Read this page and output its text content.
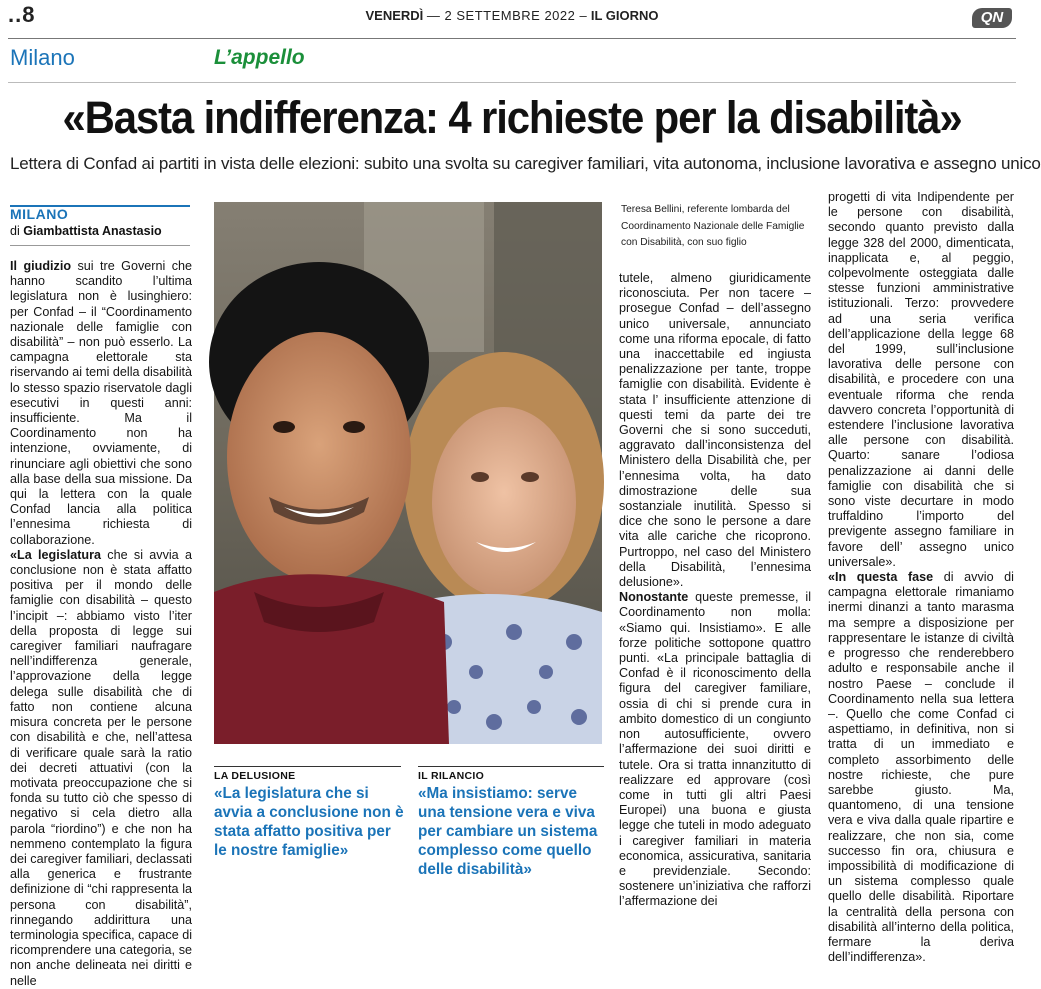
..8	VENERDÌ — 2 SETTEMBRE 2022 – IL GIORNO	QN
Milano	L’appello
«Basta indifferenza: 4 richieste per la disabilità»
Lettera di Confad ai partiti in vista delle elezioni: subito una svolta su caregiver familiari, vita autonoma, inclusione lavorativa e assegno unico
MILANO
di Giambattista Anastasio

Il giudizio sui tre Governi che hanno scandito l’ultima legislatura non è lusinghiero: per Confad – il “Coordinamento nazionale delle famiglie con disabilità” – non può esserlo. La campagna elettorale sta riservando ai temi della disabilità lo stesso spazio riservatole dagli esecutivi in questi anni: insufficiente. Ma il Coordinamento non ha intenzione, ovviamente, di rinunciare agli obiettivi che sono alla base della sua missione. Da qui la lettera con la quale Confad lancia alla politica l’ennesima richiesta di collaborazione.

«La legislatura che si avvia a conclusione non è stata affatto positiva per il mondo delle famiglie con disabilità – questo l’incipit –: abbiamo visto l’iter della proposta di legge sui caregiver familiari naufragare nell’indifferenza generale, l’approvazione della legge delega sulle disabilità che di fatto non contiene alcuna misura concreta per le persone con disabilità e che, nell’attesa di verificare quale sarà la ratio dei decreti attuativi (con la motivata preoccupazione che si fonda su tutto ciò che spesso di negativo si cela dietro alla parola “riordino”) e che non ha nemmeno contemplato la figura dei caregiver familiari, declassati alla generica e frustrante definizione di “chi rappresenta la persona con disabilità”, rinnegando addirittura una terminologia specifica, capace di ricomprendere una categoria, se non anche delineata nei diritti e nelle

LA DELUSIONE
«La legislatura che si avvia a conclusione non è stata affatto positiva per le nostre famiglie»
IL RILANCIO
«Ma insistiamo: serve una tensione vera e viva per cambiare un sistema complesso come quello delle disabilità»
Teresa Bellini, referente lombarda del Coordinamento Nazionale delle Famiglie con Disabilità, con suo figlio

tutele, almeno giuridicamente riconosciuta. Per non tacere – prosegue Confad – dell’assegno unico universale, annunciato come una riforma epocale, di fatto una inaccettabile ed ingiusta penalizzazione per tante, troppe famiglie con disabilità. Evidente è stata l’ insufficiente attenzione di questi temi da parte dei tre Governi che si sono succeduti, aggravato dall’inconsistenza del Ministero della Disabilità che, per l’ennesima volta, ha dato dimostrazione delle sua sostanziale inutilità. Spesso si dice che sono le persone a dare vita alle cariche che ricoprono. Purtroppo, nel caso del Ministero della Disabilità, l’ennesima delusione».

Nonostante queste premesse, il Coordinamento non molla: «Siamo qui. Insistiamo». E alle forze politiche sottopone quattro punti. «La principale battaglia di Confad è il riconoscimento della figura del caregiver familiare, ossia di chi si prende cura in ambito domestico di un congiunto non autosufficiente, ovvero l’affermazione dei suoi diritti e tutele. Ora si tratta innanzitutto di realizzare ed approvare (così come in tutti gli altri Paesi Europei) una buona e giusta legge che tuteli in modo adeguato i caregiver familiari in materia economica, assicurativa, sanitaria e previdenziale. Secondo: sostenere un’iniziativa che rafforzi l’affermazione dei

progetti di vita Indipendente per le persone con disabilità, secondo quanto previsto dalla legge 328 del 2000, dimenticata, inapplicata e, al peggio, colpevolmente osteggiata dalle stesse funzioni amministrative istituzionali. Terzo: provvedere ad una seria verifica dell’applicazione della legge 68 del 1999, sull’inclusione lavorativa delle persone con disabilità, e procedere con una eventuale riforma che renda davvero concreta l’opportunità di estendere l’inclusione lavorativa alle persone con disabilità. Quarto: sanare l’odiosa penalizzazione ai danni delle famiglie con disabilità che si sono viste decurtare in modo truffaldino l’importo del previgente assegno familiare in favore dell’ assegno unico universale».

«In questa fase di avvio di campagna elettorale rimaniamo inermi dinanzi a tanto marasma ma sempre a disposizione per rappresentare le istanze di civiltà e progresso che renderebbero adulto e responsabile anche il nostro Paese – conclude il Coordinamento nella sua lettera –. Quello che come Confad ci aspettiamo, in definitiva, non si tratta di un immediato e completo assorbimento delle nostre richieste, che pure sarebbe giusto. Ma, quantomeno, di una tensione vera e viva dalla quale ripartire e realizzare, che non sia, come successo fin ora, chiusura e impossibilità di modificazione di un sistema complesso quale quello delle disabilità. Riportare la centralità della persona con disabilità all’interno della politica, fermare la deriva dell’indifferenza».
